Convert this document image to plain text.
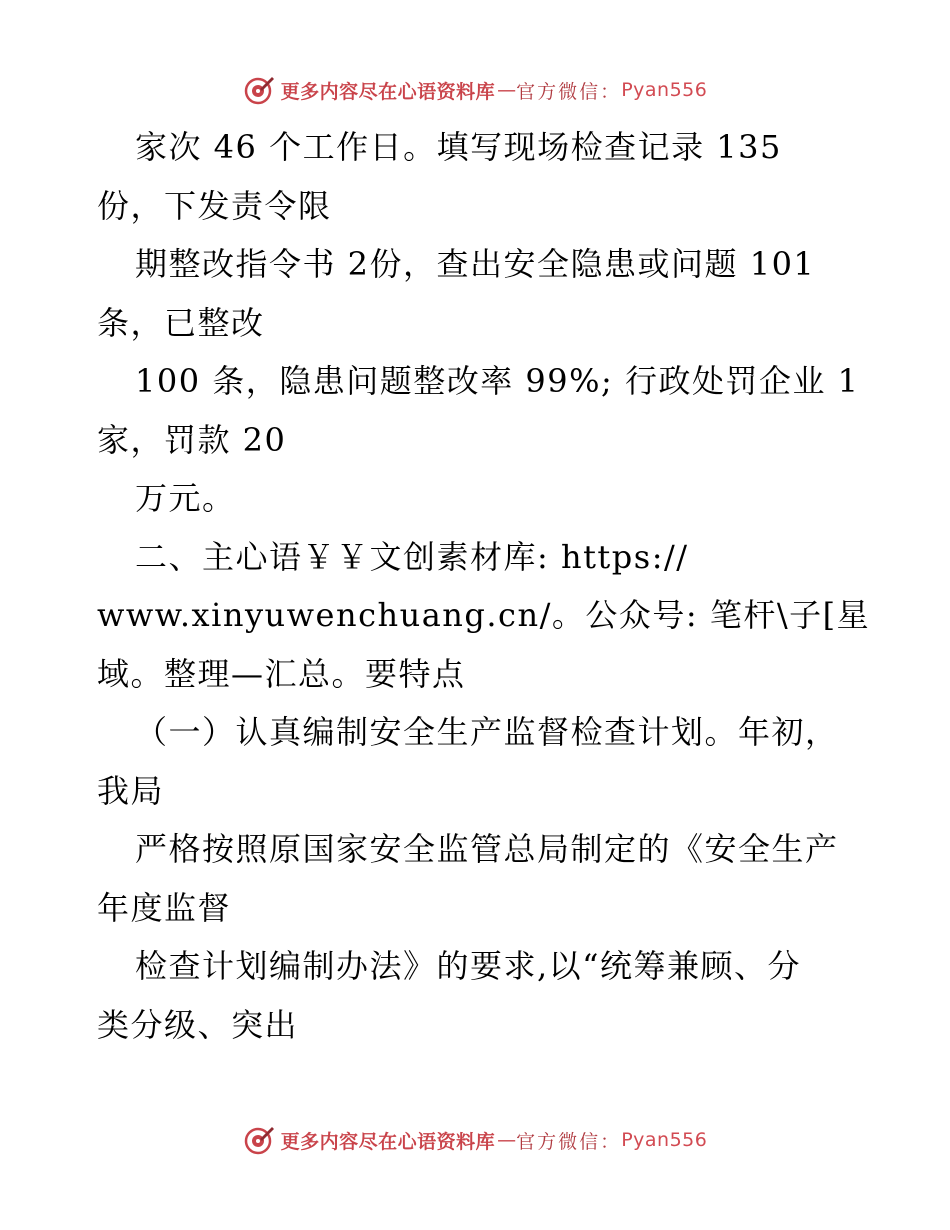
更多内容尽在心语资料库 — 官方微信： Pyan556
家次 46 个工作日。填写现场检查记录 135
份，下发责令限
期整改指令书 2份，查出安全隐患或问题 101
条，已整改
100 条，隐患问题整改率 99%; 行政处罚企业 1
家，罚款 20
万元。
二、主心语￥￥文创素材库: https://
www.xinyuwenchuang.cn/。公众号: 笔杆\子[星
域。整理—汇总。要特点
（一）认真编制安全生产监督检查计划。年初，
我局
严格按照原国家安全监管总局制定的《安全生产
年度监督
检查计划编制办法》的要求,以“统筹兼顾、分
类分级、突出
更多内容尽在心语资料库 — 官方微信： Pyan556
